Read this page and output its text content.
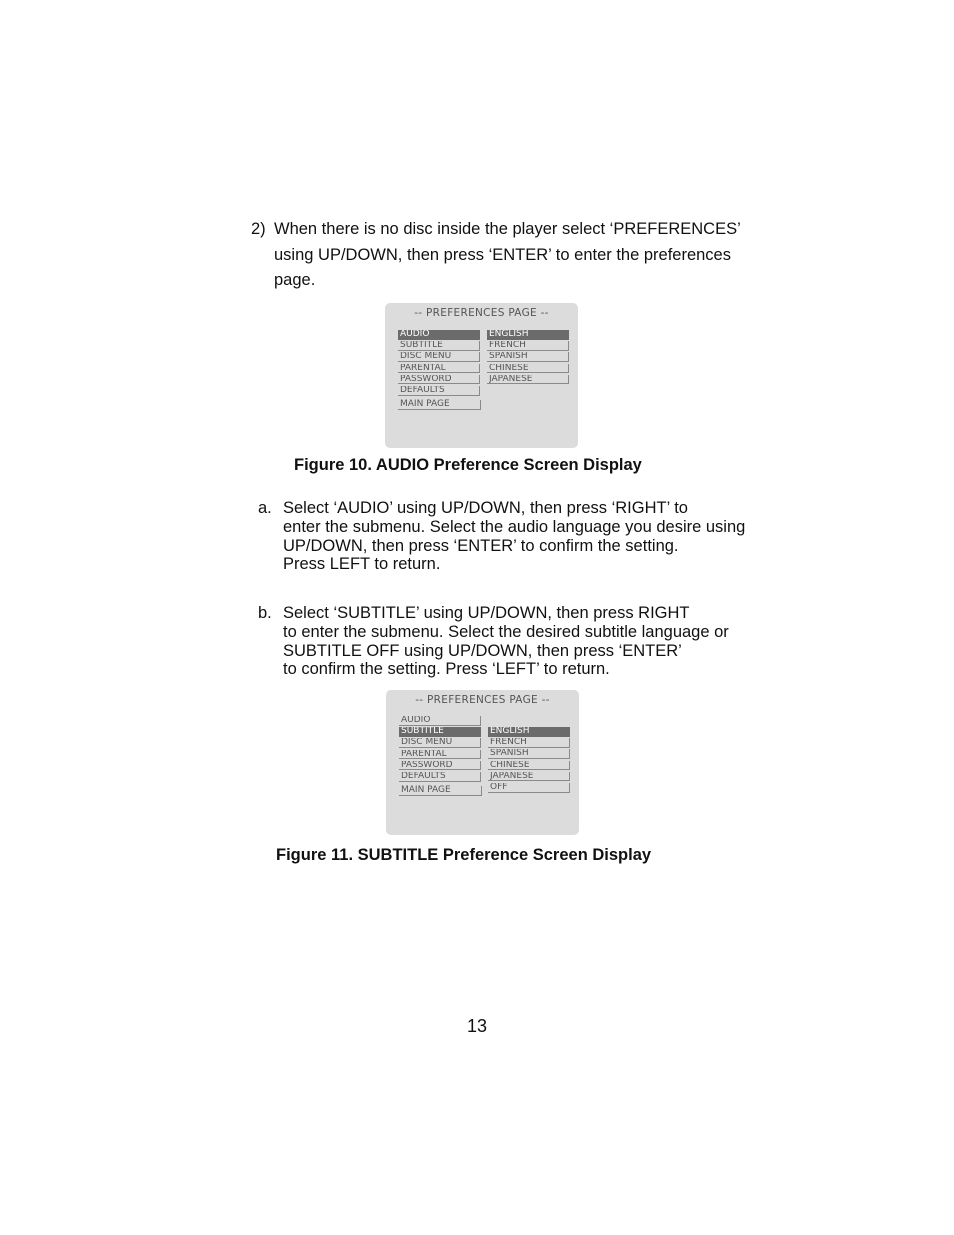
2) When there is no disc inside the player select ‘PREFERENCES’
using UP/DOWN, then press ‘ENTER’ to enter the preferences
page.
-- PREFERENCES PAGE --
AUDIO
SUBTITLE
DISC MENU
PARENTAL
PASSWORD
DEFAULTS
ENGLISH
FRENCH
SPANISH
CHINESE
JAPANESE
MAIN PAGE
Figure 10. AUDIO Preference Screen Display
a. Select ‘AUDIO’ using UP/DOWN, then press ‘RIGHT’ to
enter the submenu. Select the audio language you desire using
UP/DOWN, then press ‘ENTER’ to confirm the setting.
Press LEFT to return.
b. Select ‘SUBTITLE’ using UP/DOWN, then press RIGHT
to enter the submenu. Select the desired subtitle language or
SUBTITLE OFF using UP/DOWN, then press ‘ENTER’
to confirm the setting. Press ‘LEFT’ to return.
-- PREFERENCES PAGE --
AUDIO
SUBTITLE
DISC MENU
PARENTAL
PASSWORD
DEFAULTS
ENGLISH
FRENCH
SPANISH
CHINESE
JAPANESE
OFF
MAIN PAGE
Figure 11. SUBTITLE Preference Screen Display
13
